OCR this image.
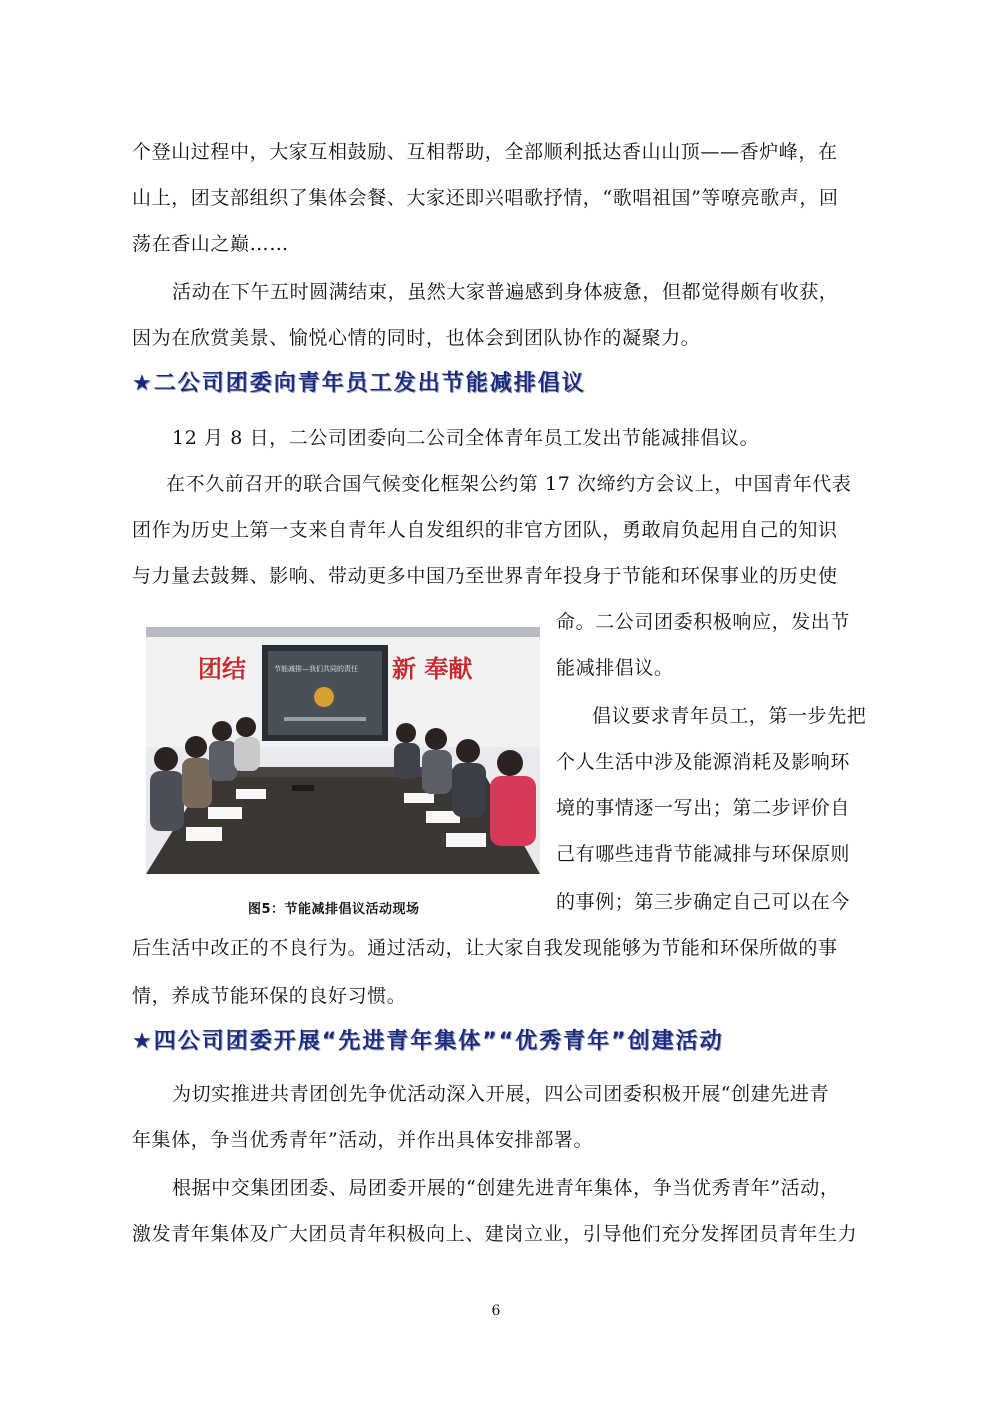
个登山过程中，大家互相鼓励、互相帮助，全部顺利抵达香山山顶——香炉峰，在
山上，团支部组织了集体会餐、大家还即兴唱歌抒情，“歌唱祖国”等嘹亮歌声，回
荡在香山之巅……
活动在下午五时圆满结束，虽然大家普遍感到身体疲惫，但都觉得颇有收获，
因为在欣赏美景、愉悦心情的同时，也体会到团队协作的凝聚力。
★二公司团委向青年员工发出节能减排倡议
12 月 8 日，二公司团委向二公司全体青年员工发出节能减排倡议。
在不久前召开的联合国气候变化框架公约第 17 次缔约方会议上，中国青年代表
团作为历史上第一支来自青年人自发组织的非官方团队，勇敢肩负起用自己的知识
与力量去鼓舞、影响、带动更多中国乃至世界青年投身于节能和环保事业的历史使
命。二公司团委积极响应，发出节
能减排倡议。
倡议要求青年员工，第一步先把
个人生活中涉及能源消耗及影响环
境的事情逐一写出；第二步评价自
己有哪些违背节能减排与环保原则
的事例；第三步确定自己可以在今
团结	新 奉献
节能减排—我们共同的责任
图5：节能减排倡议活动现场
后生活中改正的不良行为。通过活动，让大家自我发现能够为节能和环保所做的事
情，养成节能环保的良好习惯。
★四公司团委开展“先进青年集体”“优秀青年”创建活动
为切实推进共青团创先争优活动深入开展，四公司团委积极开展“创建先进青
年集体，争当优秀青年”活动，并作出具体安排部署。
根据中交集团团委、局团委开展的“创建先进青年集体，争当优秀青年”活动，
激发青年集体及广大团员青年积极向上、建岗立业，引导他们充分发挥团员青年生力
6
